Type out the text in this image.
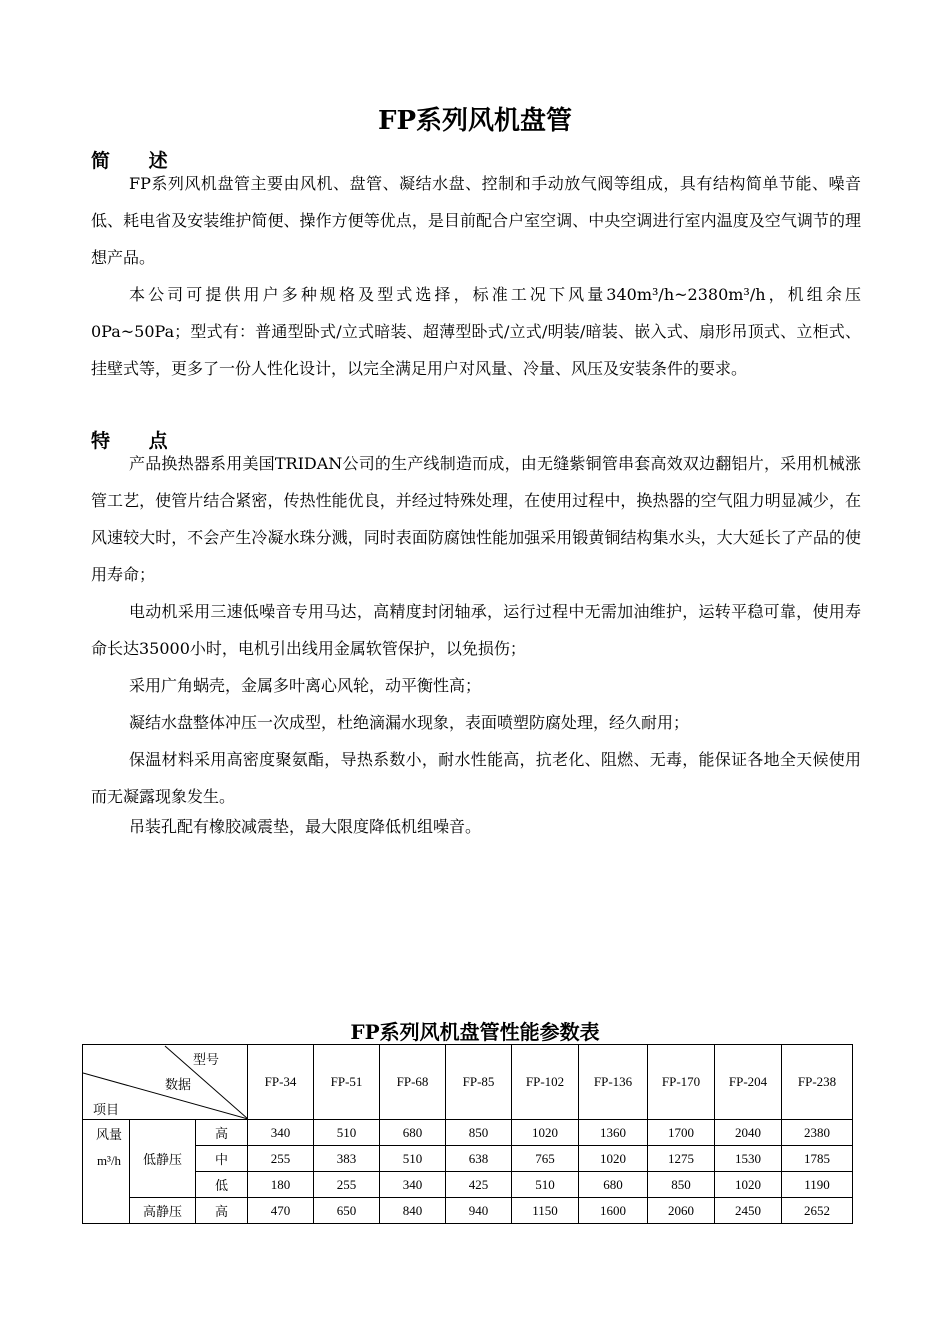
FP系列风机盘管
简 述
FP系列风机盘管主要由风机、盘管、凝结水盘、控制和手动放气阀等组成，具有结构简单节能、噪音低、耗电省及安装维护简便、操作方便等优点，是目前配合户室空调、中央空调进行室内温度及空气调节的理想产品。
本公司可提供用户多种规格及型式选择，标准工况下风量340m³/h~2380m³/h，机组余压0Pa~50Pa；型式有：普通型卧式/立式暗装、超薄型卧式/立式/明装/暗装、嵌入式、扇形吊顶式、立柜式、挂壁式等，更多了一份人性化设计，以完全满足用户对风量、冷量、风压及安装条件的要求。
特 点
产品换热器系用美国TRIDAN公司的生产线制造而成，由无缝紫铜管串套高效双边翻铝片，采用机械涨管工艺，使管片结合紧密，传热性能优良，并经过特殊处理，在使用过程中，换热器的空气阻力明显减少，在风速较大时，不会产生冷凝水珠分溅，同时表面防腐蚀性能加强采用锻黄铜结构集水头，大大延长了产品的使用寿命；
电动机采用三速低噪音专用马达，高精度封闭轴承，运行过程中无需加油维护，运转平稳可靠，使用寿命长达35000小时，电机引出线用金属软管保护，以免损伤；
采用广角蜗壳，金属多叶离心风轮，动平衡性高；
凝结水盘整体冲压一次成型，杜绝滴漏水现象，表面喷塑防腐处理，经久耐用；
保温材料采用高密度聚氨酯，导热系数小，耐水性能高，抗老化、阻燃、无毒，能保证各地全天候使用而无凝露现象发生。
吊装孔配有橡胶减震垫，最大限度降低机组噪音。
FP系列风机盘管性能参数表
型号
数据
项目			FP-34	FP-51	FP-68	FP-85	FP-102	FP-136	FP-170	FP-204	FP-238

风量
m³/h	低静压	高	340	510	680	850	1020	1360	1700	2040	2380
		中	255	383	510	638	765	1020	1275	1530	1785
		低	180	255	340	425	510	680	850	1020	1190
	高静压	高	470	650	840	940	1150	1600	2060	2450	2652
